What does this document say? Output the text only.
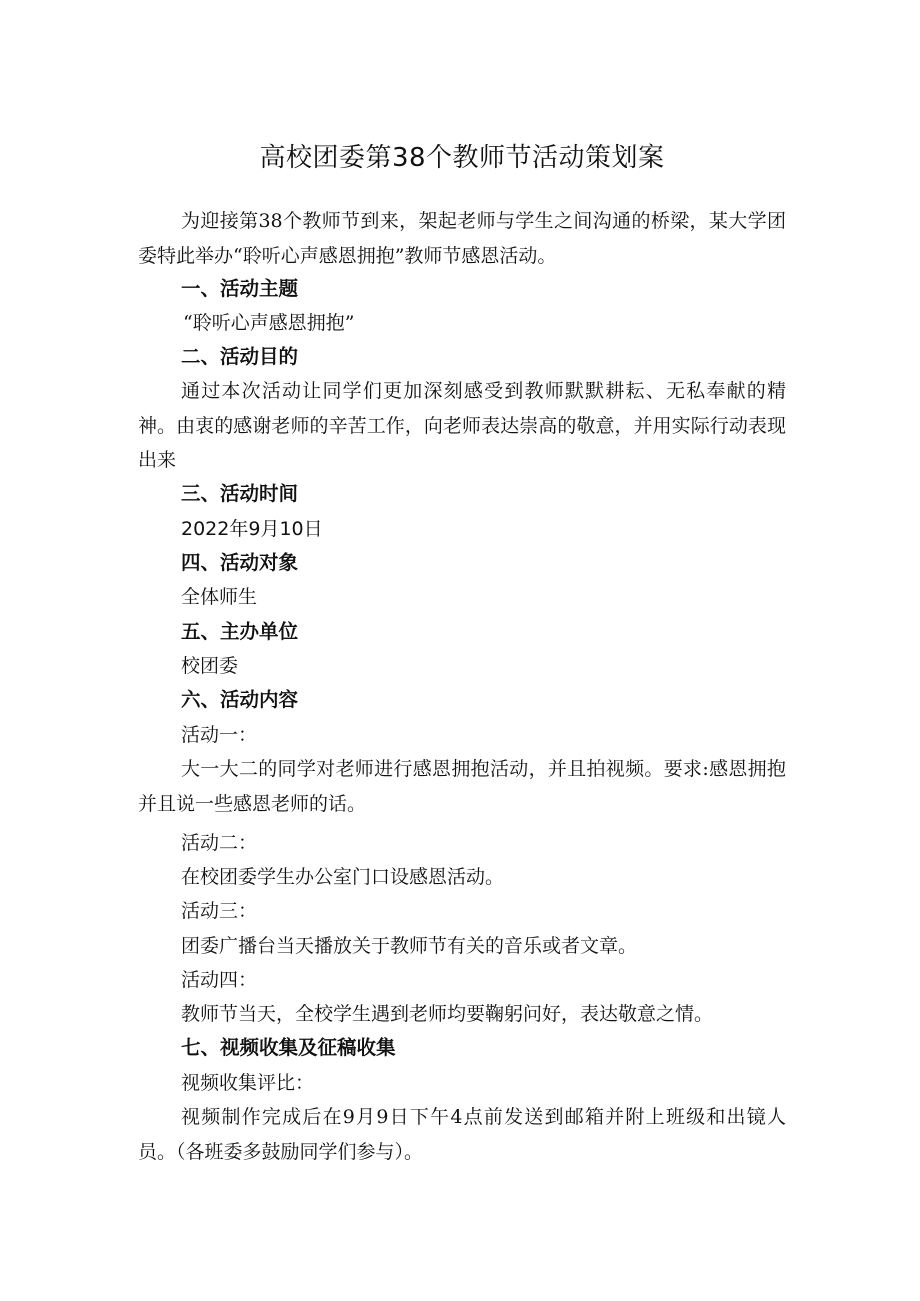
高校团委第38个教师节活动策划案

为迎接第38个教师节到来，架起老师与学生之间沟通的桥梁，某大学团委特此举办“聆听心声感恩拥抱”教师节感恩活动。

一、活动主题
“聆听心声感恩拥抱”
二、活动目的

通过本次活动让同学们更加深刻感受到教师默默耕耘、无私奉献的精神。由衷的感谢老师的辛苦工作，向老师表达崇高的敬意，并用实际行动表现出来

三、活动时间
2022年9月10日
四、活动对象
全体师生
五、主办单位
校团委
六、活动内容
活动一：

大一大二的同学对老师进行感恩拥抱活动，并且拍视频。要求:感恩拥抱并且说一些感恩老师的话。

活动二：
在校团委学生办公室门口设感恩活动。
活动三：
团委广播台当天播放关于教师节有关的音乐或者文章。
活动四：
教师节当天，全校学生遇到老师均要鞠躬问好，表达敬意之情。
七、视频收集及征稿收集
视频收集评比：

视频制作完成后在9月9日下午4点前发送到邮箱并附上班级和出镜人员。（各班委多鼓励同学们参与）。
